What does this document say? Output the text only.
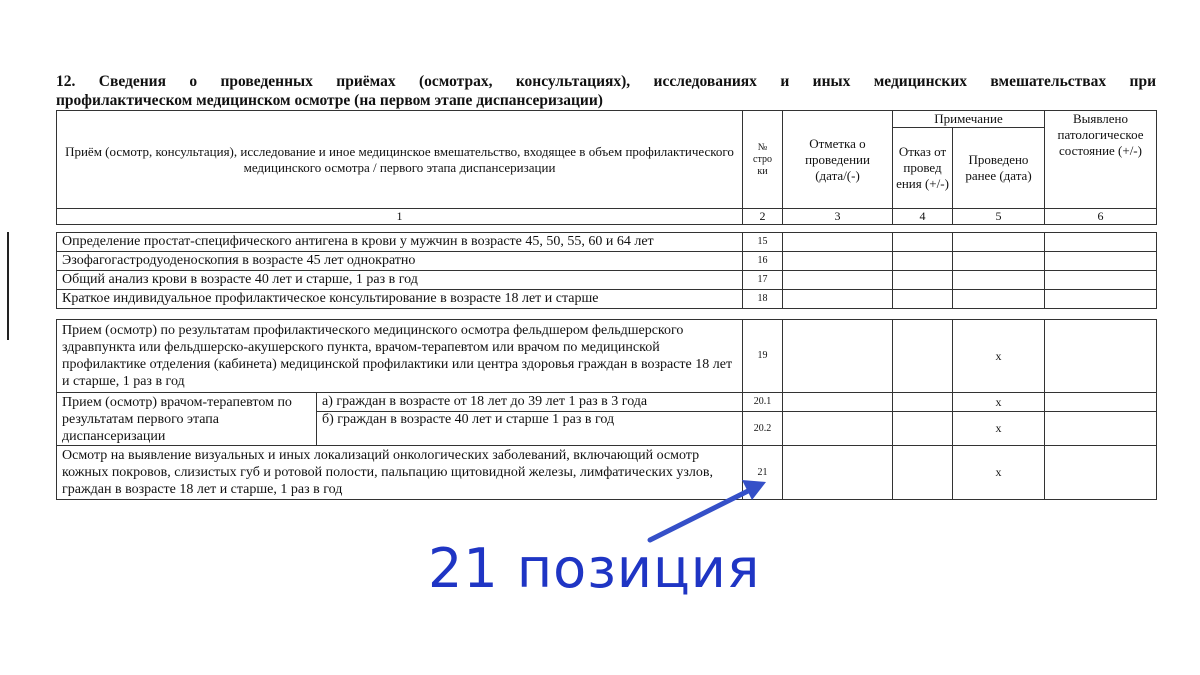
12. Сведения о проведенных приёмах (осмотрах, консультациях), исследованиях и иных медицинских вмешательствах при
профилактическом медицинском осмотре (на первом этапе диспансеризации)
Приём (осмотр, консультация), исследование и иное медицинское вмешательство, входящее в объем профилактического медицинского осмотра / первого этапа диспансеризации	№ стро ки	Отметка о проведении (дата/(-)	Примечание		Выявлено патологическое состояние (+/-)
			Отказ от провед ения (+/-)	Проведено ранее (дата)	
1	2	3	4	5	6
Определение простат-специфического антигена в крови у мужчин в возрасте 45, 50, 55, 60 и 64 лет	15				
Эзофагогастродуоденоскопия в возрасте 45 лет однократно	16				
Общий анализ крови в возрасте 40 лет и старше, 1 раз в год	17				
Краткое индивидуальное профилактическое консультирование в возрасте 18 лет и старше	18				
Прием (осмотр) по результатам профилактического медицинского осмотра фельдшером фельдшерского здравпункта или фельдшерско-акушерского пункта, врачом-терапевтом или врачом по медицинской профилактике отделения (кабинета) медицинской профилактики или центра здоровья граждан в возрасте 18 лет и старше, 1 раз в год		19			x	
Прием (осмотр) врачом-терапевтом по результатам первого этапа диспансеризации	а) граждан в возрасте от 18 лет до 39 лет 1 раз в 3 года	20.1			x	
	б) граждан в возрасте 40 лет и старше 1 раз в год	20.2			x	
Осмотр на выявление визуальных и иных локализаций онкологических заболеваний, включающий осмотр кожных покровов, слизистых губ и ротовой полости, пальпацию щитовидной железы, лимфатических узлов, граждан в возрасте 18 лет и старше, 1 раз в год		21			x	
21 позиция
